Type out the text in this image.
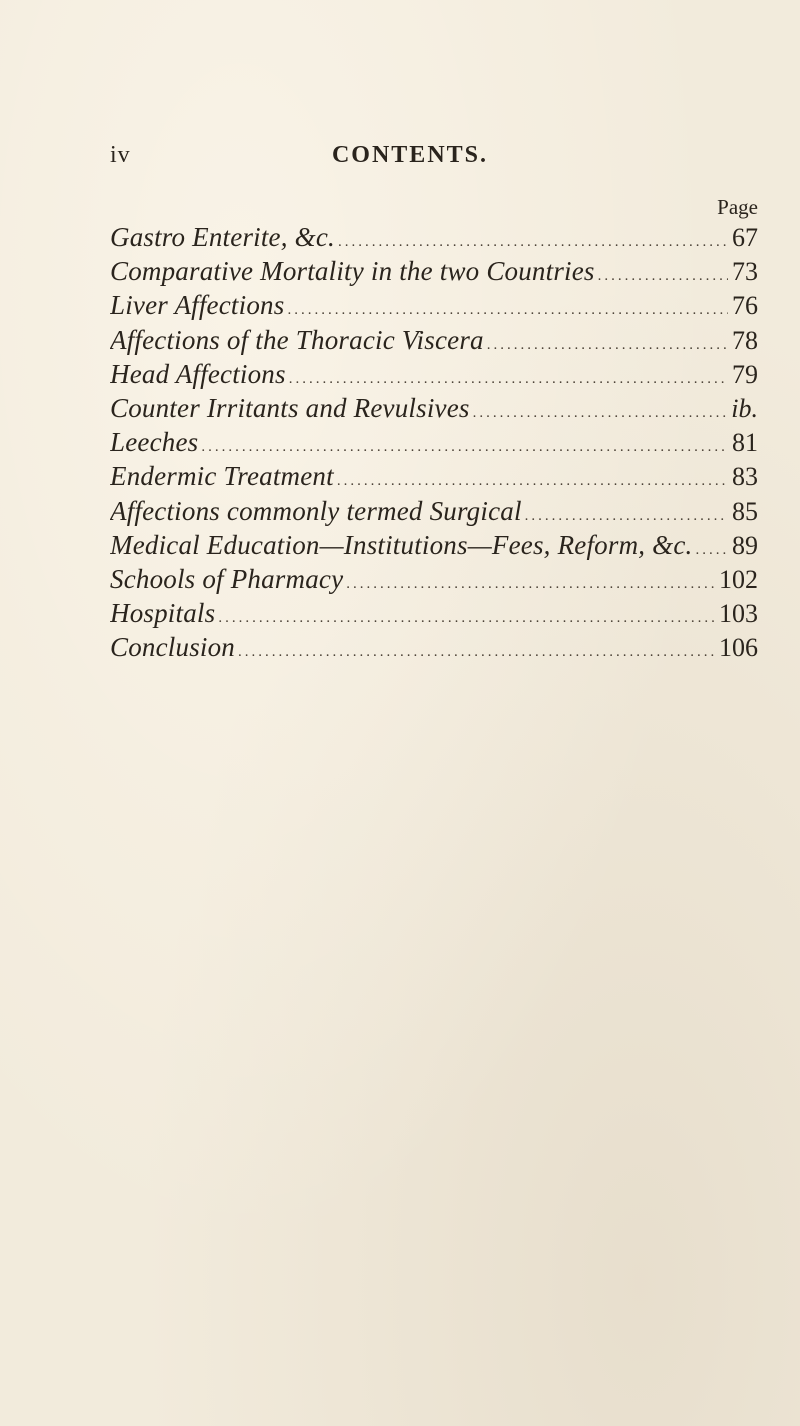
iv	CONTENTS.
Page
Gastro Enterite, &c. .....	67
Comparative Mortality in the two Countries .....	73
Liver Affections .....	76
Affections of the Thoracic Viscera .....	78
Head Affections .....	79
Counter Irritants and Revulsives .....	ib.
Leeches .....	81
Endermic Treatment .....	83
Affections commonly termed Surgical .....	85
Medical Education—Institutions—Fees, Reform, &c. ..... 89
Schools of Pharmacy .....	102
Hospitals .....	103
Conclusion .....	106
